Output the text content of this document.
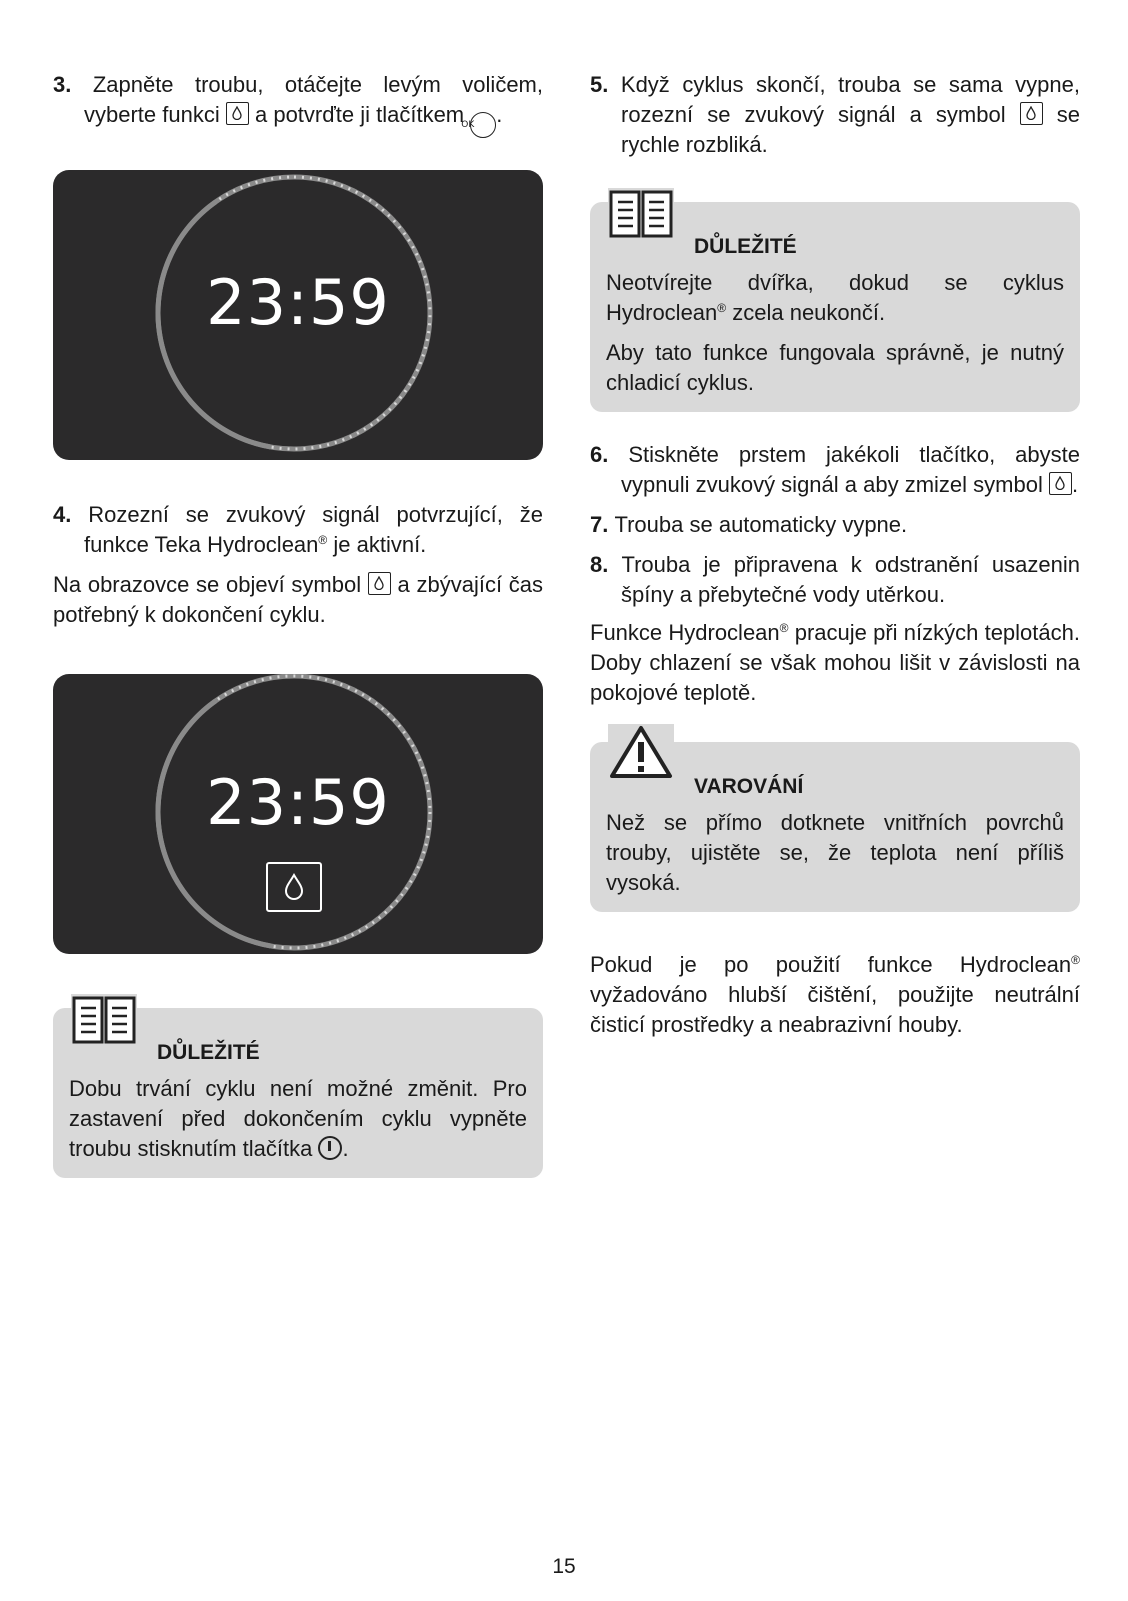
3. Zapněte troubu, otáčejte levým voličem, vyberte funkci a potvrďte ji tlačítkem OK .

23:59

4. Rozezní se zvukový signál potvrzující, že funkce Teka Hydroclean® je aktivní.

Na obrazovce se objeví symbol a zbývající čas potřebný k dokončení cyklu.

23:59
DŮLEŽITÉ

Dobu trvání cyklu není možné změnit. Pro zastavení před dokončením cyklu vypněte troubu stisknutím tlačítka .

5. Když cyklus skončí, trouba se sama vypne, rozezní se zvukový signál a symbol se rychle rozbliká.

DŮLEŽITÉ

Neotvírejte dvířka, dokud se cyklus Hydroclean® zcela neukončí.

Aby tato funkce fungovala správně, je nutný chladicí cyklus.

6. Stiskněte prstem jakékoli tlačítko, abyste vypnuli zvukový signál a aby zmizel symbol .

7. Trouba se automaticky vypne.

8. Trouba je připravena k odstranění usazenin špíny a přebytečné vody utěrkou.

Funkce Hydroclean® pracuje při nízkých teplotách. Doby chlazení se však mohou lišit v závislosti na pokojové teplotě.

VAROVÁNÍ

Než se přímo dotknete vnitřních povrchů trouby, ujistěte se, že teplota není příliš vysoká.

Pokud je po použití funkce Hydroclean® vyžadováno hlubší čištění, použijte neutrální čisticí prostředky a neabrazivní houby.

15
